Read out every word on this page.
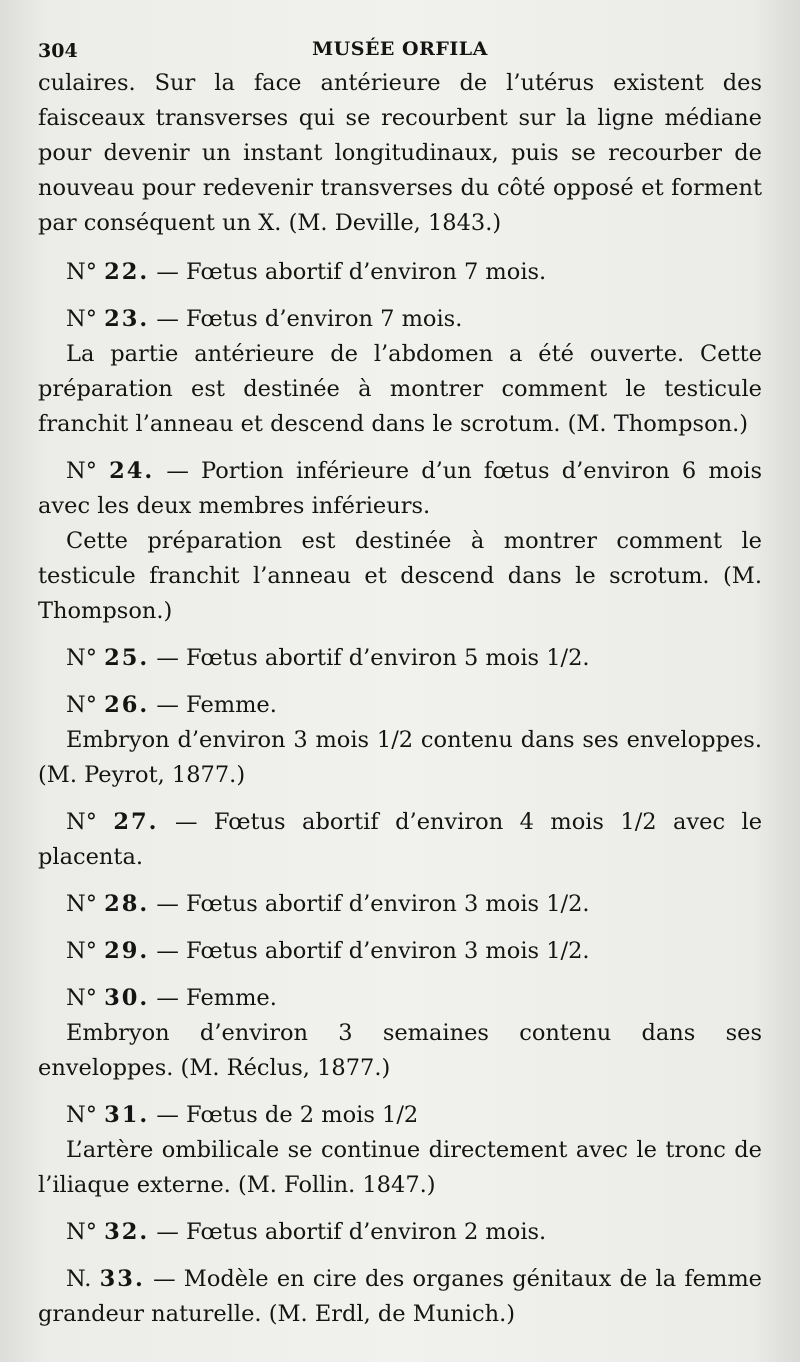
304	MUSÉE ORFILA

culaires. Sur la face antérieure de l’utérus existent des faisceaux transverses qui se recourbent sur la ligne médiane pour devenir un instant longitudinaux, puis se recourber de nouveau pour redevenir transverses du côté opposé et forment par conséquent un X. (M. Deville, 1843.)

N° 22. — Fœtus abortif d’environ 7 mois.

N° 23. — Fœtus d’environ 7 mois.

La partie antérieure de l’abdomen a été ouverte. Cette préparation est destinée à montrer comment le testicule franchit l’anneau et descend dans le scrotum. (M. Thompson.)

N° 24. — Portion inférieure d’un fœtus d’environ 6 mois avec les deux membres inférieurs.

Cette préparation est destinée à montrer comment le testicule franchit l’anneau et descend dans le scrotum. (M. Thompson.)

N° 25. — Fœtus abortif d’environ 5 mois 1/2.

N° 26. — Femme.

Embryon d’environ 3 mois 1/2 contenu dans ses enveloppes. (M. Peyrot, 1877.)

N° 27. — Fœtus abortif d’environ 4 mois 1/2 avec le placenta.

N° 28. — Fœtus abortif d’environ 3 mois 1/2.

N° 29. — Fœtus abortif d’environ 3 mois 1/2.

N° 30. — Femme.

Embryon d’environ 3 semaines contenu dans ses enveloppes. (M. Réclus, 1877.)

N° 31. — Fœtus de 2 mois 1/2

L’artère ombilicale se continue directement avec le tronc de l’iliaque externe. (M. Follin. 1847.)

N° 32. — Fœtus abortif d’environ 2 mois.

N. 33. — Modèle en cire des organes génitaux de la femme grandeur naturelle. (M. Erdl, de Munich.)
